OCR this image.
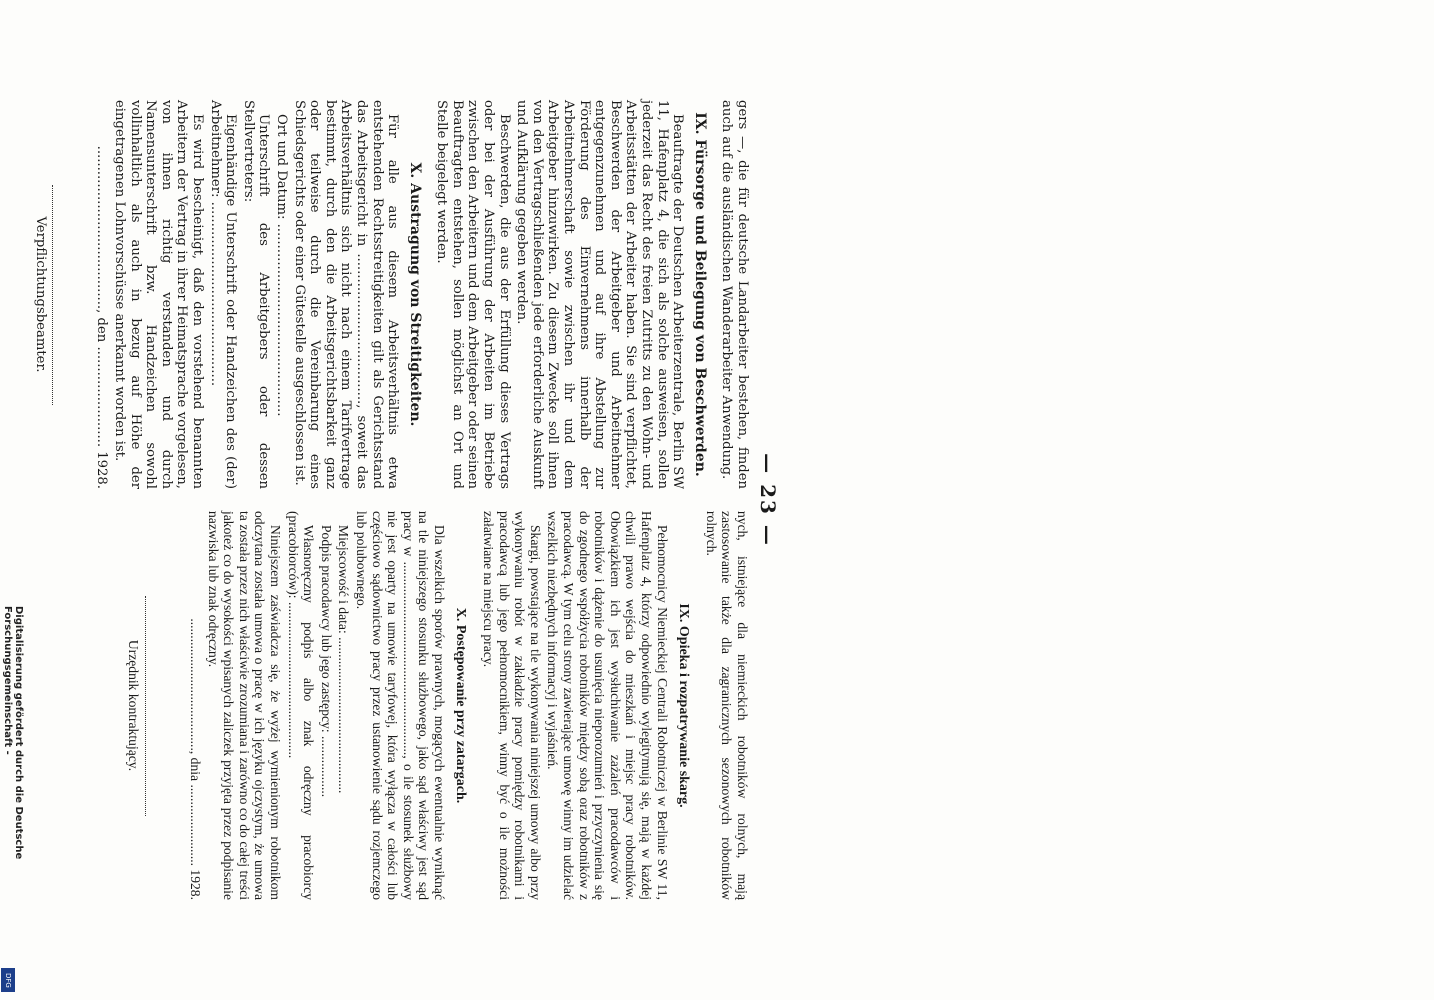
— 23 —

gers —, die für deutsche Landarbeiter bestehen, finden auch auf die ausländischen Wanderarbeiter Anwendung.

IX. Fürsorge und Beilegung von Beschwerden.

Beauftragte der Deutschen Arbeiterzentrale, Berlin SW 11, Hafenplatz 4, die sich als solche ausweisen, sollen jederzeit das Recht des freien Zutritts zu den Wohn- und Arbeitsstätten der Arbeiter haben. Sie sind verpflichtet, Beschwerden der Arbeitgeber und Arbeitnehmer entgegenzunehmen und auf ihre Abstellung zur Förderung des Einvernehmens innerhalb der Arbeitnehmerschaft sowie zwischen ihr und dem Arbeitgeber hinzuwirken. Zu diesem Zwecke soll ihnen von den Vertragschließenden jede erforderliche Auskunft und Aufklärung gegeben werden.

Beschwerden, die aus der Erfüllung dieses Vertrags oder bei der Ausführung der Arbeiten im Betriebe zwischen den Arbeitern und dem Arbeitgeber oder seinen Beauftragten entstehen, sollen möglichst an Ort und Stelle beigelegt werden.

X. Austragung von Streitigkeiten.

Für alle aus diesem Arbeitsverhältnis etwa entstehenden Rechtsstreitigkeiten gilt als Gerichtsstand das Arbeitsgericht in ...................................., soweit das Arbeitsverhältnis sich nicht nach einem Tarifvertrage bestimmt, durch den die Arbeitsgerichtsbarkeit ganz oder teilweise durch die Vereinbarung eines Schiedsgerichts oder einer Gütestelle ausgeschlossen ist.

Ort und Datum: ..............................................

Unterschrift des Arbeitgebers oder dessen Stellvertreters:

Eigenhändige Unterschrift oder Handzeichen des (der) Arbeitnehmer: ............................................

Es wird bescheinigt, daß den vorstehend benannten Arbeitern der Vertrag in ihrer Heimatsprache vorgelesen, von ihnen richtig verstanden und durch Namensunterschrift bzw. Handzeichen sowohl vollinhaltlich als auch in bezug auf Höhe der eingetragenen Lohnvorschüsse anerkannt worden ist.

......................................., den ........................ 1928.

Verpflichtungsbeamter.

nych, istniejące dla niemieckich robotników rolnych, mają zastosowanie także dla zagranicznych sezonowych robotników rolnych.

IX. Opieka i rozpatrywanie skarg.

Pełnomocnicy Niemieckiej Centrali Robotniczej w Berlinie SW 11, Hafenplatz 4, którzy odpowiednio wylegitymują się, mają w każdej chwili prawo wejścia do mieszkań i miejsc pracy robotników. Obowiązkiem ich jest wysłuchiwanie zażaleń pracodawców i robotników i dążenie do usunięcia nieporozumień i przyczynienia się do zgodnego współżycia robotników między sobą oraz robotników z pracodawcą. W tym celu strony zawierające umowę winny im udzielać wszelkich niezbędnych informacyj i wyjaśnień.

Skargi, powstające na tle wykonywania niniejszej umowy albo przy wykonywaniu robót w zakładzie pracy pomiędzy robotnikami i pracodawcą lub jego pełnomocnikiem, winny być o ile możności załatwiane na miejscu pracy.

X. Postępowanie przy zatargach.

Dla wszelkich sporów prawnych, mogących ewentualnie wyniknąć na tle niniejszego stosunku służbowego, jako sąd właściwy jest sąd pracy w ........................................................., o ile stosunek służbowy nie jest oparty na umowie taryfowej, która wyłącza w całości lub częściowo sądownictwo pracy przez ustanowienie sądu rozjemczego lub polubownego.

Miejscowość i data: ..............................................

Podpis pracodawcy lub jego zastępcy: ..................

Własnoręczny podpis albo znak odręczny pracobiorcy (pracobiorców): ..............................................

Niniejszem zaświadcza się, że wyżej wymienionym robotnikom odczytana została umowa o pracę w ich języku ojczystym, że umowa ta została przez nich właściwie zrozumiana i zarówno co do całej treści jakoteż co do wysokości wpisanych zaliczek przyjęta przez podpisanie nazwiska lub znak odręczny.

......................................., dnia ........................ 1928.

Urzędnik kontraktujący.
Digitalisierung gefördert durch die Deutsche Forschungsgemeinschaft -
DFG
